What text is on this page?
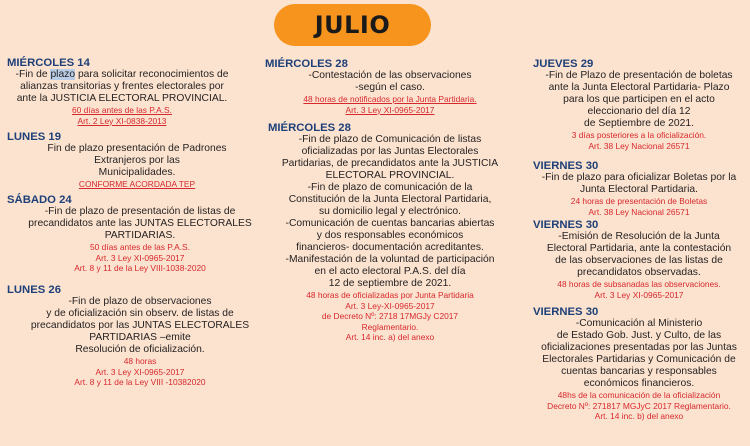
JULIO
MIÉRCOLES 14
-Fin de plazo para solicitar reconocimientos de
alianzas transitorias y frentes electorales por
ante la JUSTICIA ELECTORAL PROVINCIAL.
60 días antes de las P.A.S.
Art. 2 Ley XI-0838-2013
LUNES 19
Fin de plazo presentación de Padrones
Extranjeros por las
Municipalidades.
CONFORME ACORDADA TEP
SÁBADO 24
-Fin de plazo de presentación de listas de
precandidatos ante las JUNTAS ELECTORALES
PARTIDARIAS.
50 días antes de las P.A.S.
Art. 3 Ley XI-0965-2017
Art. 8 y 11 de la Ley VIII-1038-2020
LUNES 26
-Fin de plazo de observaciones
y de oficialización sin observ. de listas de
precandidatos por las JUNTAS ELECTORALES
PARTIDARIAS –emite
Resolución de oficialización.
48 horas
Art. 3 Ley XI-0965-2017
Art. 8 y 11 de la Ley VIII -10382020
MIÉRCOLES 28
-Contestación de las observaciones
-según el caso.
48 horas de notificados por la Junta Partidaria.
Art. 3 Ley XI-0965-2017
MIÉRCOLES 28
-Fin de plazo de Comunicación de listas
oficializadas por las Juntas Electorales
Partidarias, de precandidatos ante la JUSTICIA
ELECTORAL PROVINCIAL.
-Fin de plazo de comunicación de la
Constitución de la Junta Electoral Partidaria,
su domicilio legal y electrónico.
-Comunicación de cuentas bancarias abiertas
y dos responsables económicos
financieros- documentación acreditantes.
-Manifestación de la voluntad de participación
en el acto electoral P.A.S. del día
12 de septiembre de 2021.
48 horas de oficializadas por Junta Partidaria
Art. 3 Ley-XI-0965-2017
de Decreto Nº: 2718 17MGJy C2017
Reglamentario.
Art. 14 inc. a) del anexo
JUEVES 29
-Fin de Plazo de presentación de boletas
ante la Junta Electoral Partidaria- Plazo
para los que participen en el acto
eleccionario del día 12
de Septiembre de 2021.
3 días posteriores a la oficialización.
Art. 38 Ley Nacional 26571
VIERNES 30
-Fin de plazo para oficializar Boletas por la
Junta Electoral Partidaria.
24 horas de presentación de Boletas
Art. 38 Ley Nacional 26571
VIERNES 30
-Emisión de Resolución de la Junta
Electoral Partidaria, ante la contestación
de las observaciones de las listas de
precandidatos observadas.
48 horas de subsanadas las observaciones.
Art. 3 Ley XI-0965-2017
VIERNES 30
-Comunicación al Ministerio
de Estado Gob. Just. y Culto, de las
oficializaciones presentadas por las Juntas
Electorales Partidarias y Comunicación de
cuentas bancarias y responsables
económicos financieros.
48hs de la comunicación de la oficialización
Decreto Nº: 271817 MGJyC 2017 Reglamentario.
Art. 14 inc. b) del anexo
